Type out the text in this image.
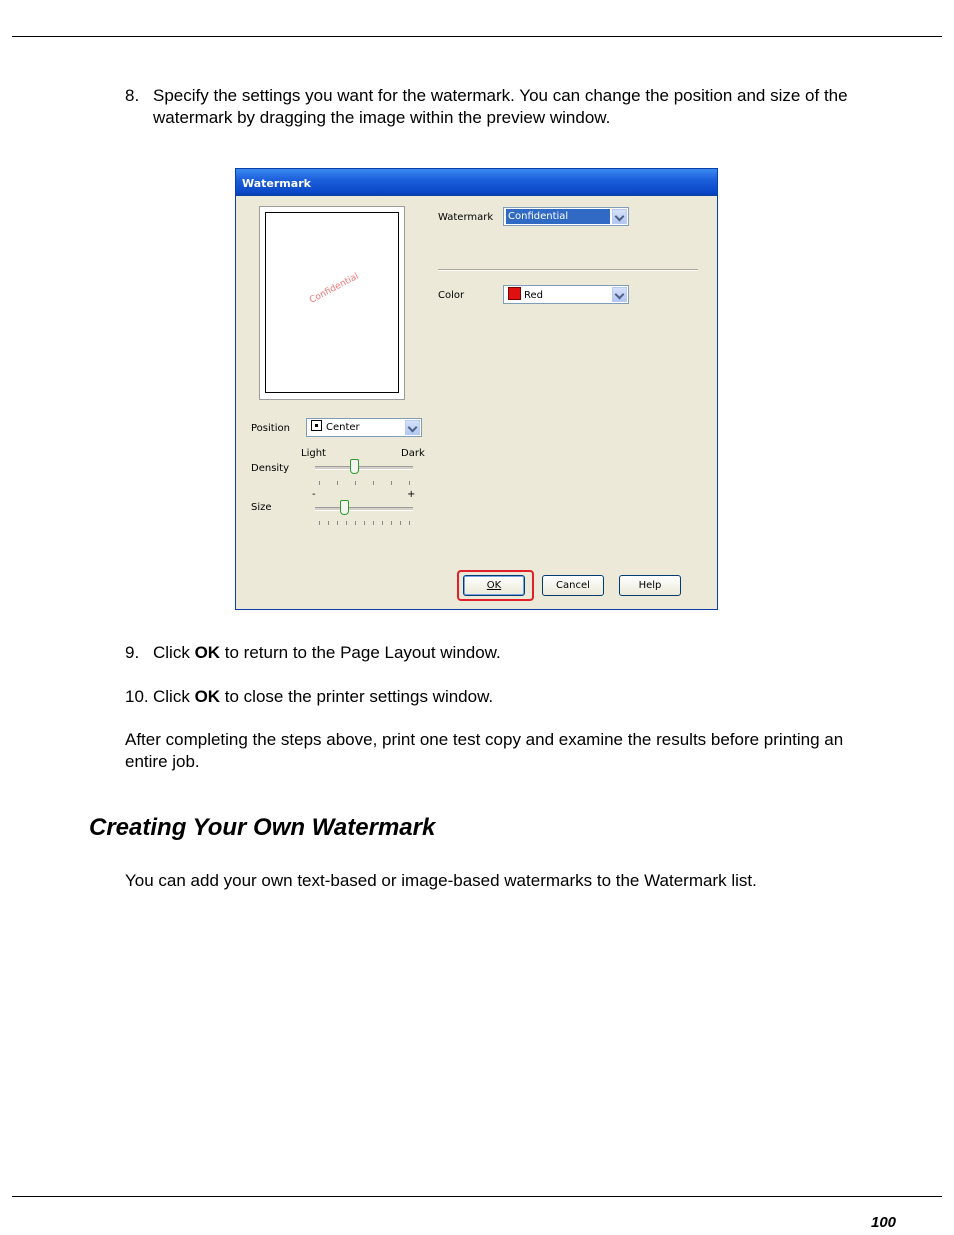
8. Specify the settings you want for the watermark. You can change the position and size of the watermark by dragging the image within the preview window.
Watermark
Confidential
Watermark Confidential
Color	Red
Position	Center
Light	Dark
Density
-	+
Size
OK	Cancel	Help
9. Click OK to return to the Page Layout window.
10. Click OK to close the printer settings window.
After completing the steps above, print one test copy and examine the results before printing an entire job.
Creating Your Own Watermark
You can add your own text-based or image-based watermarks to the Watermark list.
100
